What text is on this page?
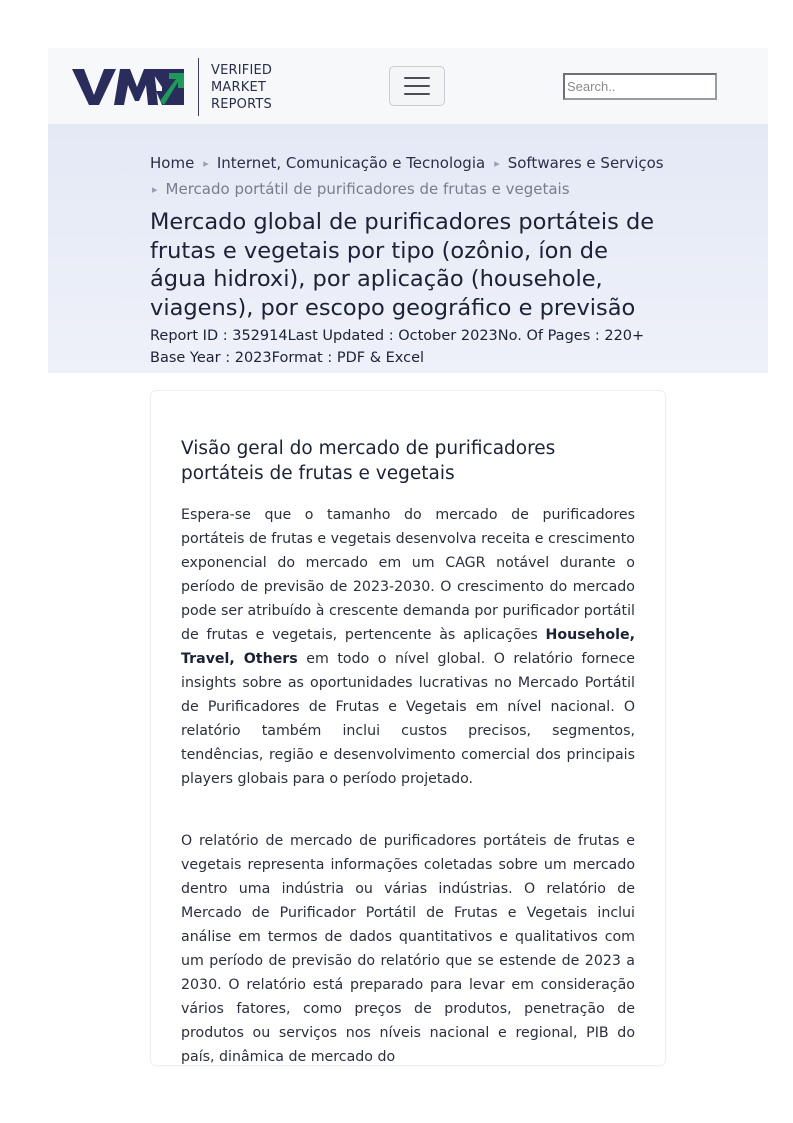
VERIFIED
MARKET
REPORTS
Search..
Home ▸ Internet, Comunicação e Tecnologia ▸ Softwares e Serviços
▸ Mercado portátil de purificadores de frutas e vegetais
Mercado global de purificadores portáteis de frutas e vegetais por tipo (ozônio, íon de água hidroxi), por aplicação (househole, viagens), por escopo geográfico e previsão
Report ID : 352914Last Updated : October 2023No. Of Pages : 220+
Base Year : 2023Format : PDF & Excel
Visão geral do mercado de purificadores portáteis de frutas e vegetais

Espera-se que o tamanho do mercado de purificadores portáteis de frutas e vegetais desenvolva receita e crescimento exponencial do mercado em um CAGR notável durante o período de previsão de 2023-2030. O crescimento do mercado pode ser atribuído à crescente demanda por purificador portátil de frutas e vegetais, pertencente às aplicações Househole, Travel, Others em todo o nível global. O relatório fornece insights sobre as oportunidades lucrativas no Mercado Portátil de Purificadores de Frutas e Vegetais em nível nacional. O relatório também inclui custos precisos, segmentos, tendências, região e desenvolvimento comercial dos principais players globais para o período projetado.

O relatório de mercado de purificadores portáteis de frutas e vegetais representa informações coletadas sobre um mercado dentro uma indústria ou várias indústrias. O relatório de Mercado de Purificador Portátil de Frutas e Vegetais inclui análise em termos de dados quantitativos e qualitativos com um período de previsão do relatório que se estende de 2023 a 2030. O relatório está preparado para levar em consideração vários fatores, como preços de produtos, penetração de produtos ou serviços nos níveis nacional e regional, PIB do país, dinâmica de mercado do
